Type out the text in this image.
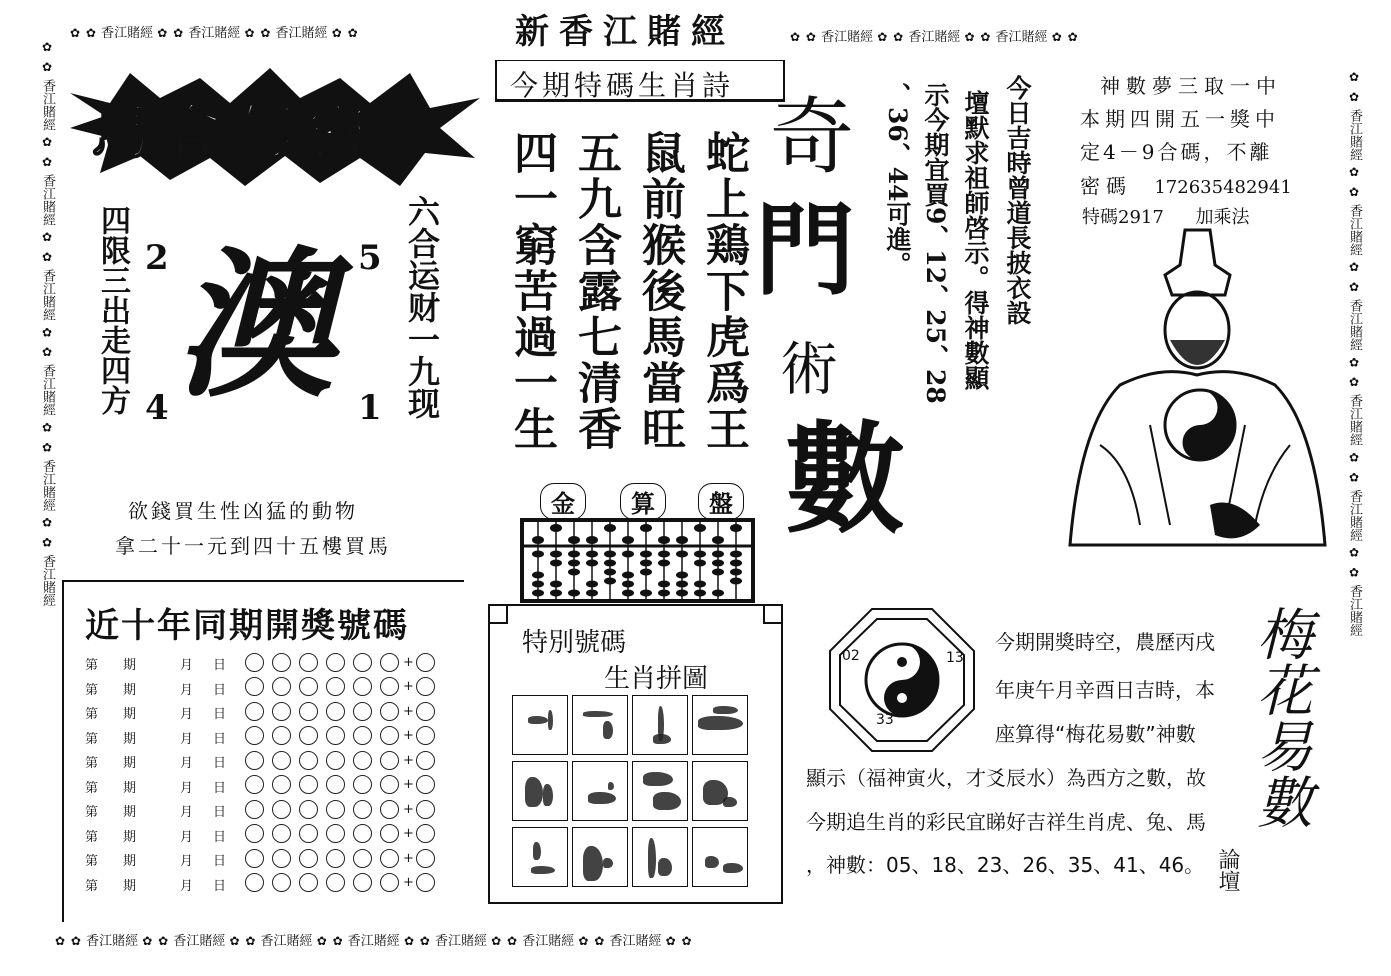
✿ ✿ 香江賭經 ✿ ✿ 香江賭經 ✿ ✿ 香江賭經 ✿ ✿	新香江賭經	✿ ✿ 香江賭經 ✿ ✿ 香江賭經 ✿ ✿ 香江賭經 ✿ ✿
✿ ✿ 香江賭經 ✿ ✿ 香江賭經 ✿ ✿ 香江賭經 ✿ ✿ 香江賭經 ✿ ✿ 香江賭經 ✿ ✿ 香江賭經 ✿ ✿ 香江賭經 ✿ ✿
✿ ✿ 香江賭經 ✿ ✿ 香江賭經 ✿ ✿ 香江賭經 ✿ ✿ 香江賭經 ✿ ✿ 香江賭經 ✿ ✿ 香江賭經
✿ ✿ 香江賭經 ✿ ✿ 香江賭經 ✿ ✿ 香江賭經 ✿ ✿ 香江賭經 ✿ ✿ 香江賭經 ✿ ✿ 香江賭經
馬會傳密
四限三出走四方	六合运财一九现
2	5
4	1
澳
欲錢買生性凶猛的動物
拿二十一元到四十五樓買馬
今期特碼生肖詩
蛇上鶏下虎爲王
鼠前猴後馬當旺
五九含露七清香
四一窮苦過一生
金	算	盤
奇
門
術
數
今日吉時曾道長披衣設
壇默求祖師啓示。得神數顯
示今期宜買9、12、25、28
、36、44可進。	神數夢三取一中
本期四開五一獎中
定4－9合碼，不離
密碼 17263548294​1
特碼2917 加乘法
近十年同期開獎號碼
第 期	月 日	+
第 期	月 日	+
第 期	月 日	+
第 期	月 日	+
第 期	月 日	+
第 期	月 日	+
第 期	月 日	+
第 期	月 日	+
第 期	月 日	+
第 期	月 日	+
特別號碼
生肖拼圖
02	13
33
今期開獎時空，農歷丙戌
年庚午月辛酉日吉時，本
座算得“梅花易數”神數
顯示（福神寅火，才爻辰水）為西方之數，故
今期追生肖的彩民宜睇好吉祥生肖虎、兔、馬
，神數：05、18、23、26、35、41、46。
梅花易數
論壇
